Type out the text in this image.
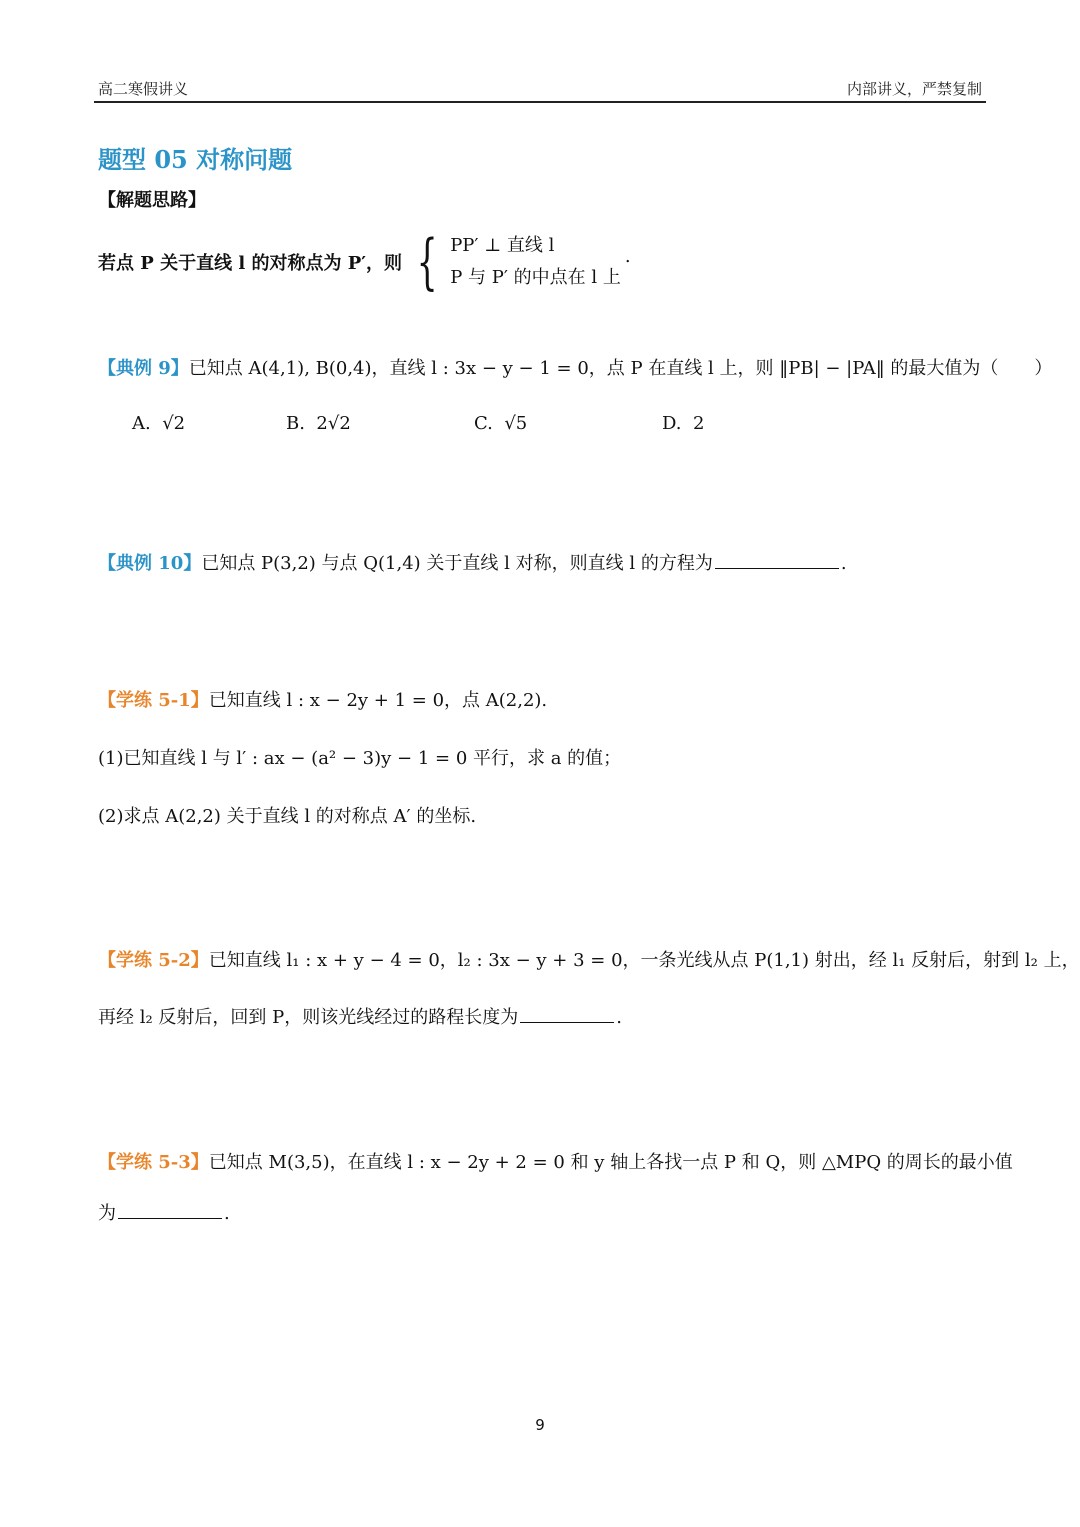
高二寒假讲义	内部讲义，严禁复制
题型 05 对称问题
【解题思路】
若点 P 关于直线 l 的对称点为 P′，则 { PP′ ⊥ 直线 l
P 与 P′ 的中点在 l 上
.
【典例 9】已知点 A(4,1), B(0,4)，直线 l : 3x − y − 1 = 0，点 P 在直线 l 上，则 ‖PB| − |PA‖ 的最大值为（　　）
A. √2	B. 2√2	C. √5	D. 2
【典例 10】已知点 P(3,2) 与点 Q(1,4) 关于直线 l 对称，则直线 l 的方程为	.
【学练 5-1】已知直线 l : x − 2y + 1 = 0，点 A(2,2).
(1)已知直线 l 与 l′ : ax − (a² − 3)y − 1 = 0 平行，求 a 的值；
(2)求点 A(2,2) 关于直线 l 的对称点 A′ 的坐标.
【学练 5-2】已知直线 l₁ : x + y − 4 = 0，l₂ : 3x − y + 3 = 0，一条光线从点 P(1,1) 射出，经 l₁ 反射后，射到 l₂ 上，
再经 l₂ 反射后，回到 P，则该光线经过的路程长度为	.
【学练 5-3】已知点 M(3,5)，在直线 l : x − 2y + 2 = 0 和 y 轴上各找一点 P 和 Q，则 △MPQ 的周长的最小值
为	.
9
